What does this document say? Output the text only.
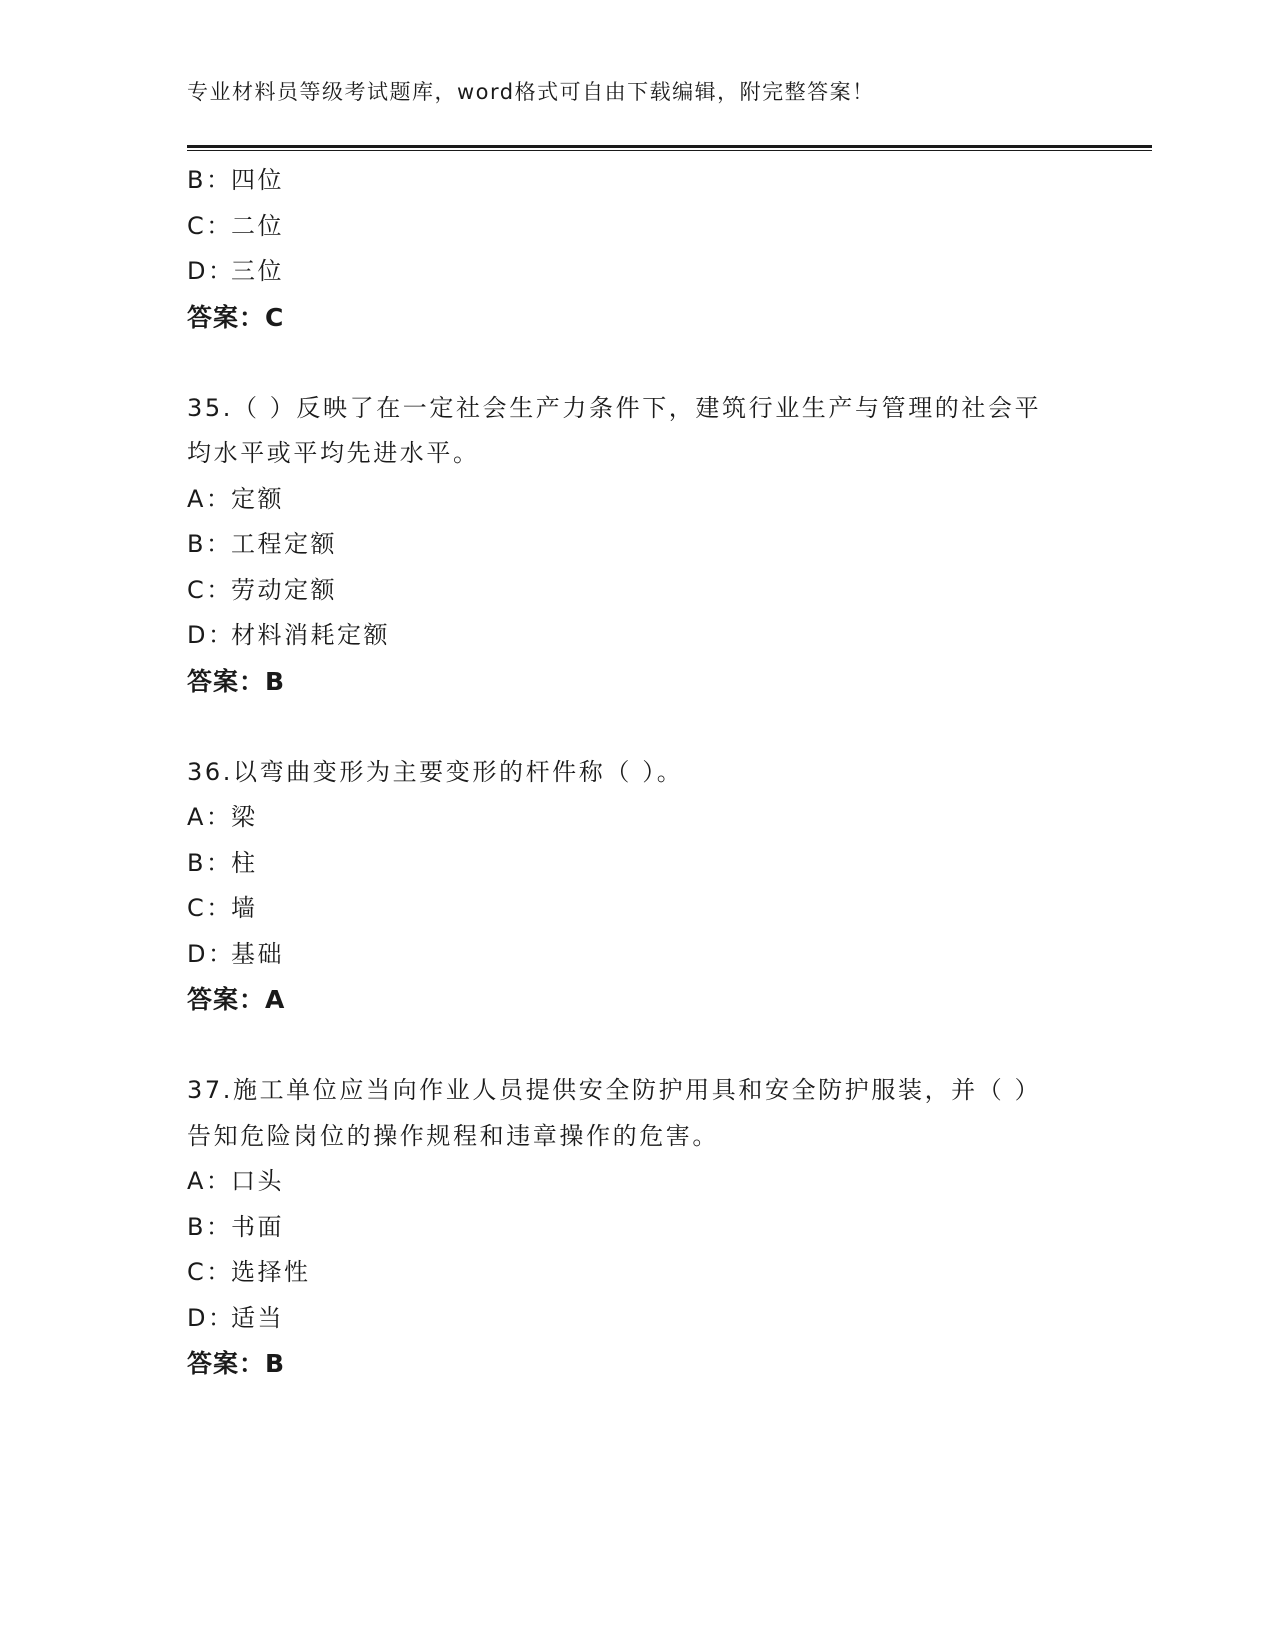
专业材料员等级考试题库，word格式可自由下载编辑，附完整答案！
B：四位
C：二位
D：三位
答案：C
35.（ ）反映了在一定社会生产力条件下，建筑行业生产与管理的社会平均水平或平均先进水平。
A：定额
B：工程定额
C：劳动定额
D：材料消耗定额
答案：B
36.以弯曲变形为主要变形的杆件称（ ）。
A：梁
B：柱
C：墙
D：基础
答案：A
37.施工单位应当向作业人员提供安全防护用具和安全防护服装，并（ ）告知危险岗位的操作规程和违章操作的危害。
A：口头
B：书面
C：选择性
D：适当
答案：B
